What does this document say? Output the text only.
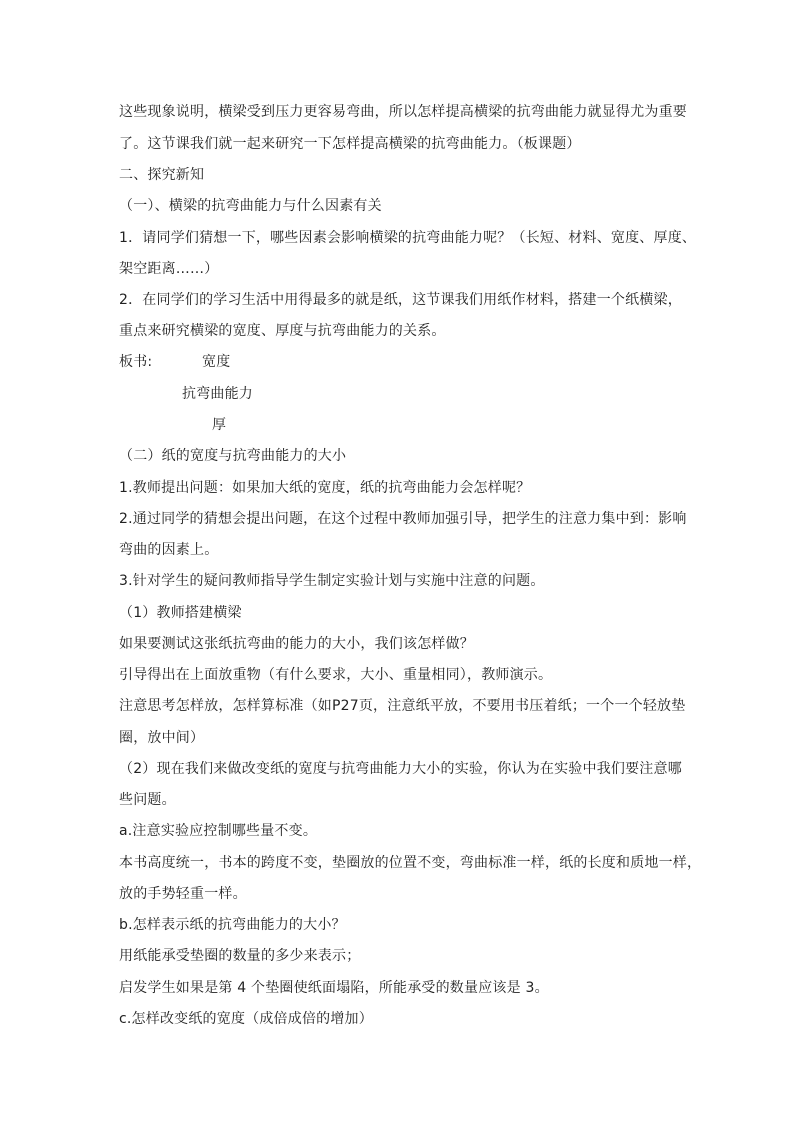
这些现象说明，横梁受到压力更容易弯曲，所以怎样提高横梁的抗弯曲能力就显得尤为重要
了。这节课我们就一起来研究一下怎样提高横梁的抗弯曲能力。（板课题）
二、探究新知
（一）、横梁的抗弯曲能力与什么因素有关
1．请同学们猜想一下，哪些因素会影响横梁的抗弯曲能力呢？（长短、材料、宽度、厚度、
架空距离……）
2．在同学们的学习生活中用得最多的就是纸，这节课我们用纸作材料，搭建一个纸横梁，
重点来研究横梁的宽度、厚度与抗弯曲能力的关系。
板书:	宽度
抗弯曲能力
厚
（二）纸的宽度与抗弯曲能力的大小
1.教师提出问题：如果加大纸的宽度，纸的抗弯曲能力会怎样呢？
2.通过同学的猜想会提出问题，在这个过程中教师加强引导，把学生的注意力集中到：影响
弯曲的因素上。
3.针对学生的疑问教师指导学生制定实验计划与实施中注意的问题。
（1）教师搭建横梁
如果要测试这张纸抗弯曲的能力的大小，我们该怎样做？
引导得出在上面放重物（有什么要求，大小、重量相同），教师演示。
注意思考怎样放，怎样算标准（如P27页，注意纸平放，不要用书压着纸；一个一个轻放垫
圈，放中间）
（2）现在我们来做改变纸的宽度与抗弯曲能力大小的实验，你认为在实验中我们要注意哪
些问题。
a.注意实验应控制哪些量不变。
本书高度统一，书本的跨度不变，垫圈放的位置不变，弯曲标准一样，纸的长度和质地一样，
放的手势轻重一样。
b.怎样表示纸的抗弯曲能力的大小？
用纸能承受垫圈的数量的多少来表示；
启发学生如果是第 4 个垫圈使纸面塌陷，所能承受的数量应该是 3。
c.怎样改变纸的宽度（成倍成倍的增加）
